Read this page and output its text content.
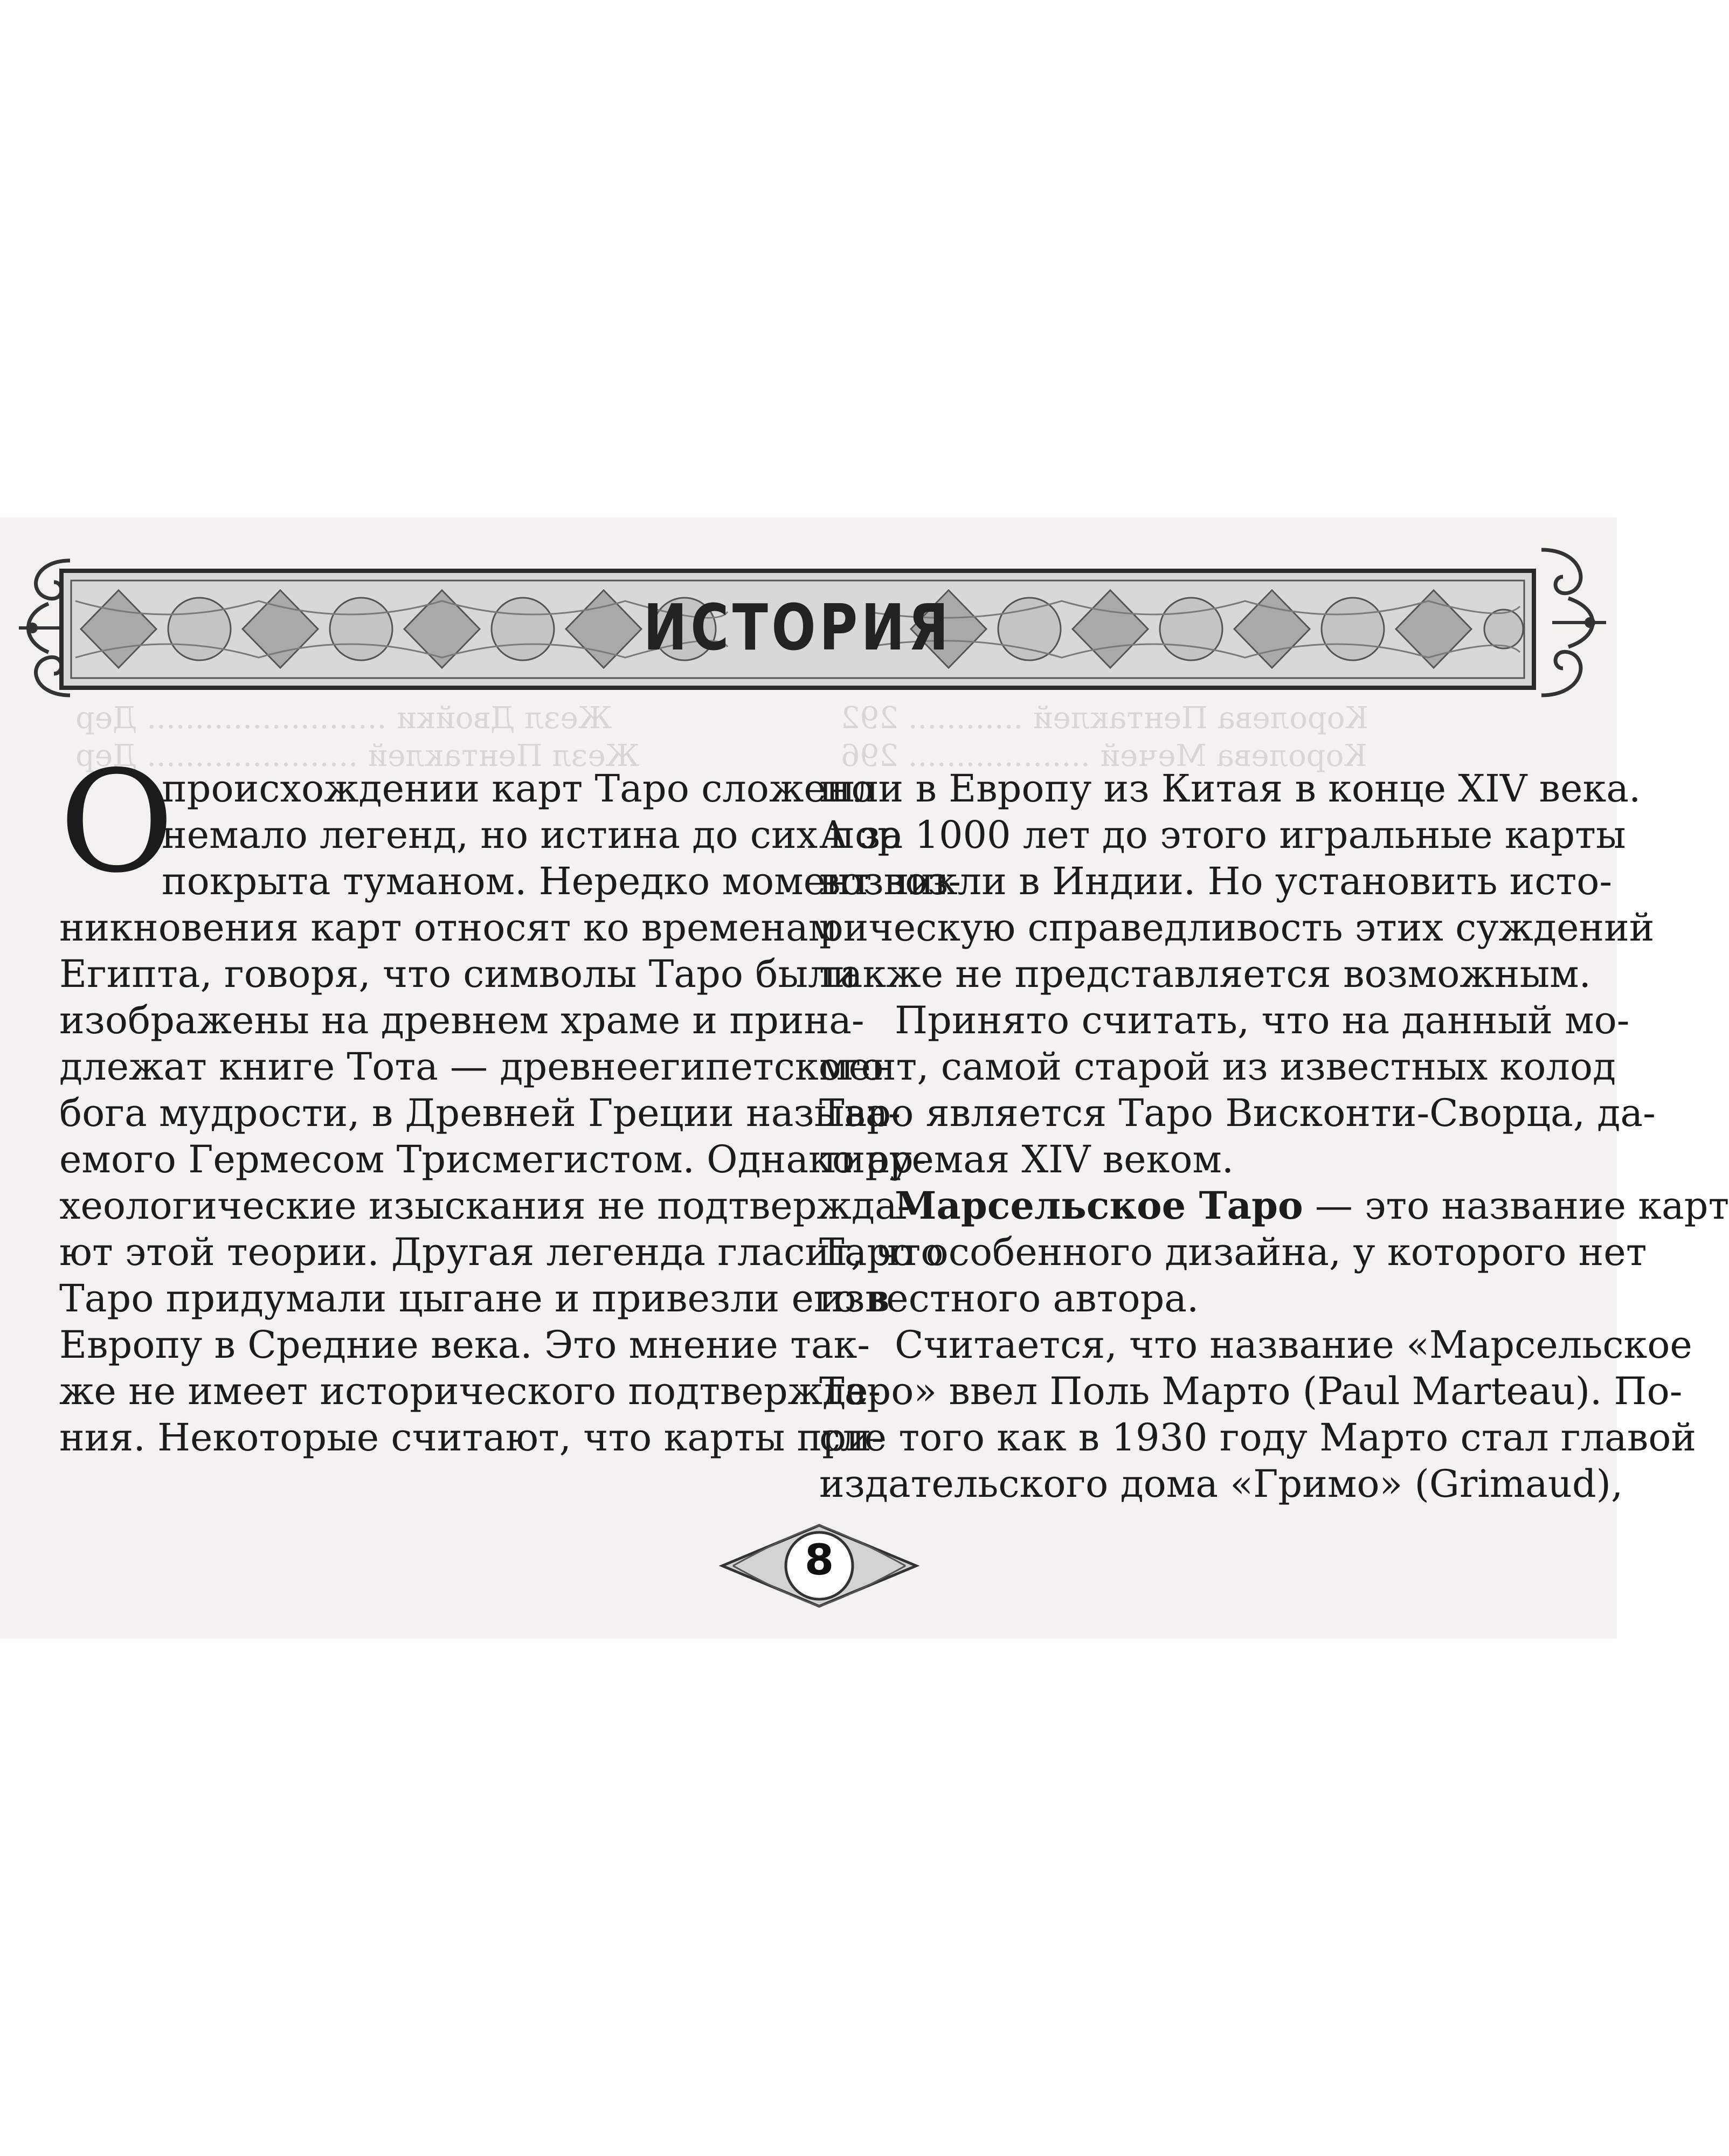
Жезл Двойки ......................... Дер
Жезл Пентаклей ...................... Дер
Королева Пентаклей ............ 292
Королева Мечей ................... 296
ИСТОРИЯ
О
происхождении карт Таро сложено
немало легенд, но истина до сих пор
покрыта туманом. Нередко момент воз-
никновения карт относят ко временам
Египта, говоря, что символы Таро были
изображены на древнем храме и прина-
длежат книге Тота — древнеегипетского
бога мудрости, в Древней Греции называ-
емого Гермесом Трисмегистом. Однако ар-
хеологические изыскания не подтвержда-
ют этой теории. Другая легенда гласит, что
Таро придумали цыгане и привезли его в
Европу в Средние века. Это мнение так-
же не имеет исторического подтвержде-
ния. Некоторые считают, что карты при-
шли в Европу из Китая в конце XIV века.
А за 1000 лет до этого игральные карты
возникли в Индии. Но установить исто-
рическую справедливость этих суждений
также не представляется возможным.
Принято считать, что на данный мо-
мент, самой старой из известных колод
Таро является Таро Висконти-Сворца, да-
тируемая XIV веком.
Марсельское Таро — это название карт
Таро особенного дизайна, у которого нет
известного автора.
Считается, что название «Марсельское
Таро» ввел Поль Марто (Paul Marteau). По-
сле того как в 1930 году Марто стал главой
издательского дома «Гримо» (Grimaud),
8
